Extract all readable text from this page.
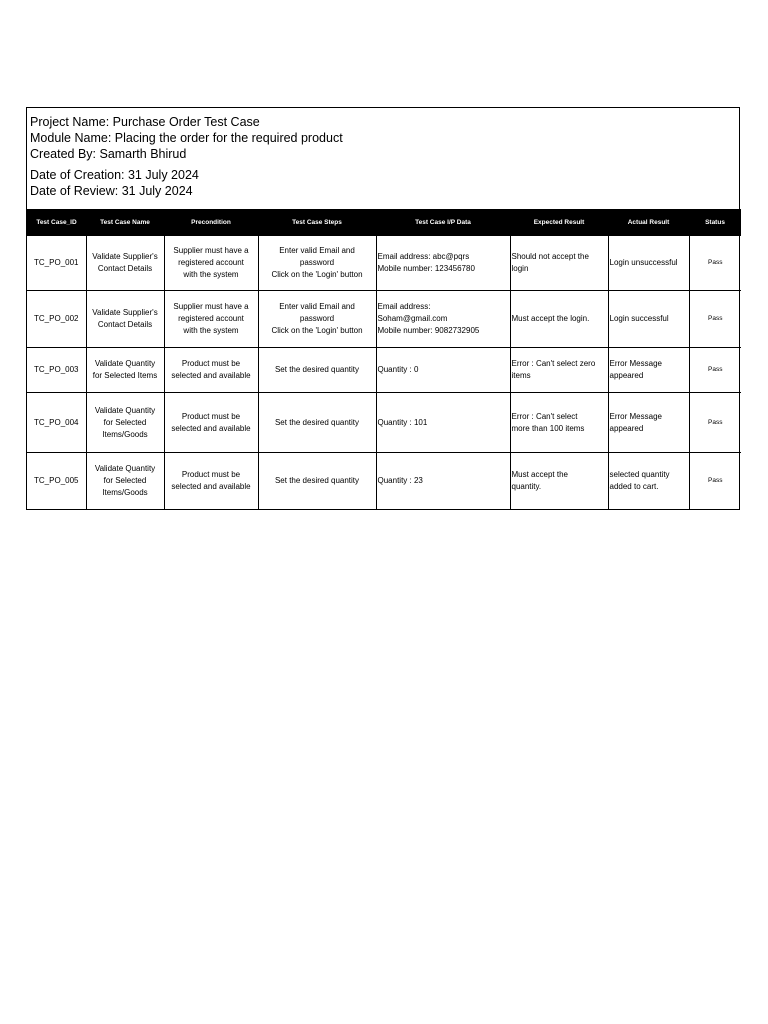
Project Name: Purchase Order Test Case
Module Name: Placing the order for the required product
Created By: Samarth Bhirud
Date of Creation: 31 July 2024
Date of Review: 31 July 2024
Test Case_ID	Test Case Name	Precondition	Test Case Steps	Test Case I/P Data	Expected Result	Actual Result	Status
TC_PO_001	Validate Supplier's
Contact Details	Supplier must have a
registered account
with the system	Enter valid Email and
password
Click on the 'Login' button	Email address: abc@pqrs
Mobile number: 123456780	Should not accept the
login	Login unsuccessful	Pass
TC_PO_002	Validate Supplier's
Contact Details	Supplier must have a
registered account
with the system	Enter valid Email and
password
Click on the 'Login' button	Email address:
Soham@gmail.com
Mobile number: 9082732905	Must accept the login.	Login successful	Pass
TC_PO_003	Validate Quantity
for Selected Items	Product must be
selected and available	Set the desired quantity	Quantity : 0	Error : Can't select zero
items	Error Message
appeared	Pass
TC_PO_004	Validate Quantity
for Selected
Items/Goods	Product must be
selected and available	Set the desired quantity	Quantity : 101	Error : Can't select
more than 100 items	Error Message
appeared	Pass
TC_PO_005	Validate Quantity
for Selected
Items/Goods	Product must be
selected and available	Set the desired quantity	Quantity : 23	Must accept the
quantity.	selected quantity
added to cart.	Pass
